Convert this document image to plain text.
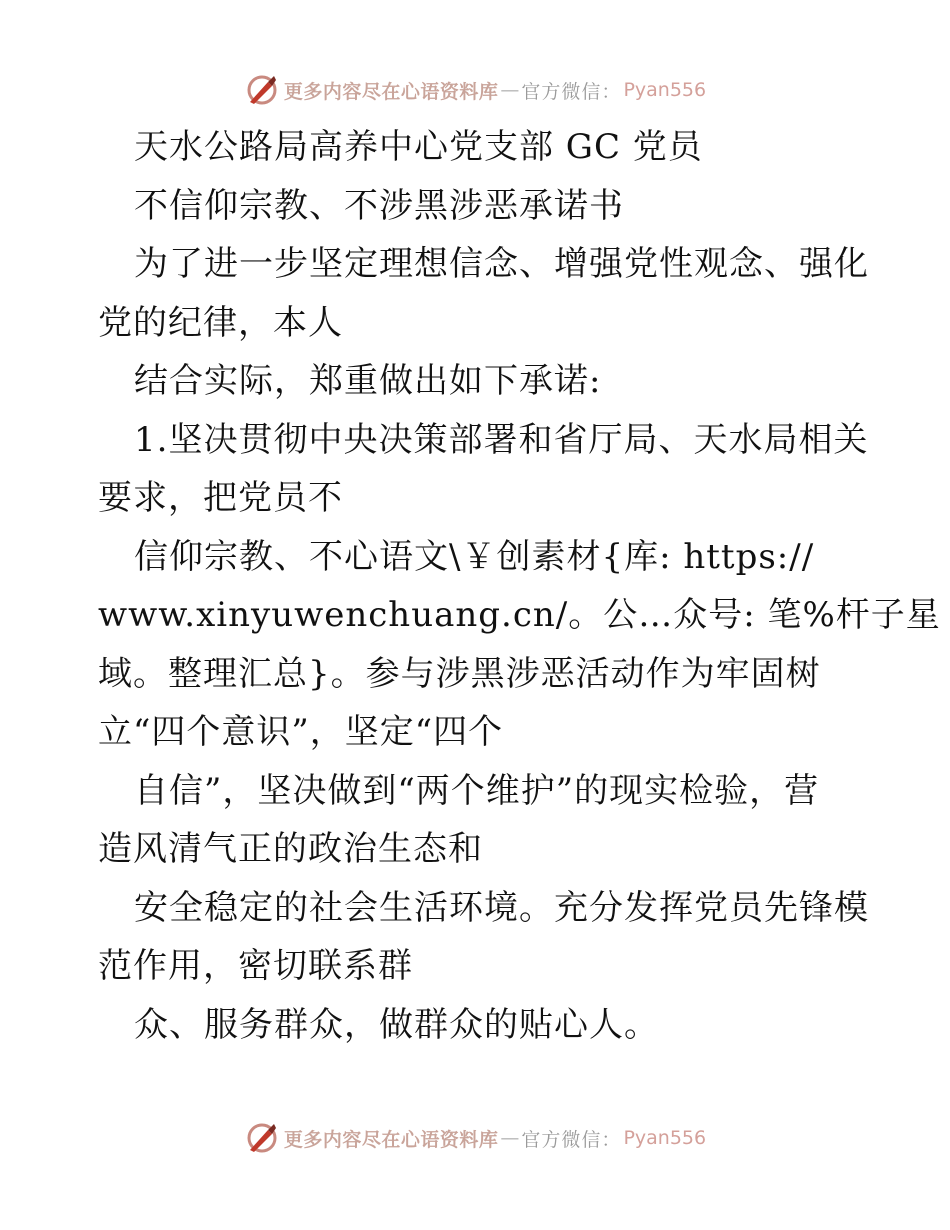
更多内容尽在心语资料库 — 官方微信： Pyan556
天水公路局高养中心党支部 GC 党员
不信仰宗教、不涉黑涉恶承诺书
为了进一步坚定理想信念、增强党性观念、强化
党的纪律，本人
结合实际，郑重做出如下承诺:
1.坚决贯彻中央决策部署和省厅局、天水局相关
要求，把党员不
信仰宗教、不心语文\￥创素材{库: https://
www.xinyuwenchuang.cn/。公…众号: 笔%杆子星
域。整理汇总}。参与涉黑涉恶活动作为牢固树
立“四个意识”，坚定“四个
自信”，坚决做到“两个维护”的现实检验，营
造风清气正的政治生态和
安全稳定的社会生活环境。充分发挥党员先锋模
范作用，密切联系群
众、服务群众，做群众的贴心人。
更多内容尽在心语资料库 — 官方微信： Pyan556
